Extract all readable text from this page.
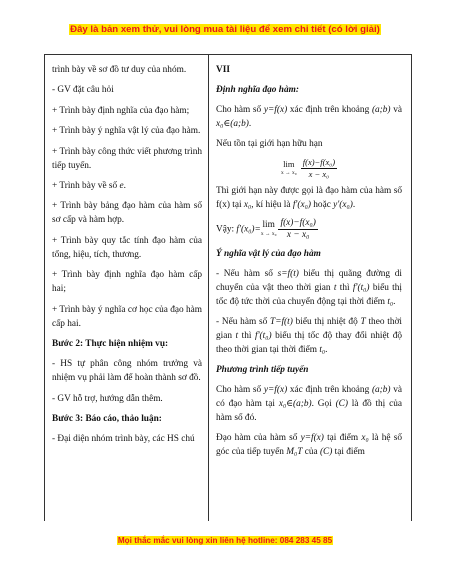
Đây là bản xem thử, vui lòng mua tài liệu để xem chi tiết (có lời giải)
trình bày về sơ đồ tư duy của nhóm.
- GV đặt câu hỏi
+ Trình bày định nghĩa của đạo hàm;
+ Trình bày ý nghĩa vật lý của đạo hàm.
+ Trình bày công thức viết phương trình tiếp tuyến.
+ Trình bày về số e.
+ Trình bày bảng đạo hàm của hàm số sơ cấp và hàm hợp.
+ Trình bày quy tắc tính đạo hàm của tổng, hiệu, tích, thương.
+ Trình bày định nghĩa đạo hàm cấp hai;
+ Trình bày ý nghĩa cơ học của đạo hàm cấp hai.
Bước 2: Thực hiện nhiệm vụ:
- HS tự phân công nhóm trưởng và nhiệm vụ phải làm để hoàn thành sơ đồ.
- GV hỗ trợ, hướng dẫn thêm.
Bước 3: Báo cáo, thảo luận:
- Đại diện nhóm trình bày, các HS chú
VII
Định nghĩa đạo hàm:
Cho hàm số y=f(x) xác định trên khoảng (a;b) và x₀∈(a;b).
Nếu tồn tại giới hạn hữu hạn
lim
x → x₀
$\frac{\text{f(x)−f(x₀)}}{\text{x − x₀}}$
Thì giới hạn này được gọi là đạo hàm của hàm số f(x) tại x₀, kí hiệu là f'(x₀) hoặc y'(x₀).
Vậy: f'(x₀)=lim
$x \to x_0 \frac{\text{f(x)−f(x₀)}}{\text{x − x₀}}$
Ý nghĩa vật lý của đạo hàm
- Nếu hàm số s=f(t) biểu thị quãng đường di chuyển của vật theo thời gian t thì f'(t₀) biểu thị tốc độ tức thời của chuyển động tại thời điểm t₀.
- Nếu hàm số T=f(t) biểu thị nhiệt độ T theo thời gian t thì f'(t₀) biểu thị tốc độ thay đổi nhiệt độ theo thời gian tại thời điểm t₀.
Phương trình tiếp tuyến
Cho hàm số y=f(x) xác định trên khoảng (a;b) và có đạo hàm tại x₀∈(a;b). Gọi (C) là đồ thị của hàm số đó.
Đạo hàm của hàm số y=f(x) tại điểm x₀ là hệ số góc của tiếp tuyến M₀T của (C) tại điểm
Mọi thắc mắc vui lòng xin liên hệ hotline: 084 283 45 85
